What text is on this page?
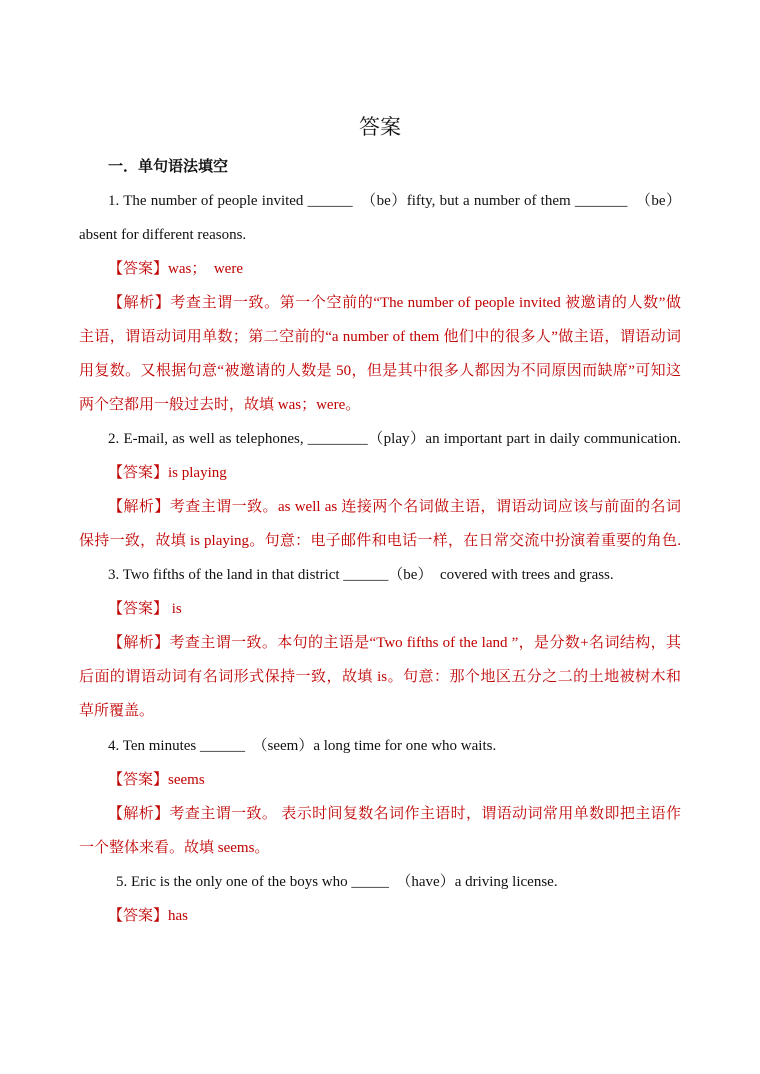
答案
一．单句语法填空
1. The number of people invited ______　（be）fifty, but a number of them _______　（be）
absent for different reasons.
【答案】was；　were
【解析】考查主谓一致。第一个空前的“The number of people invited 被邀请的人数”做
主语，谓语动词用单数；第二空前的“a number of them 他们中的很多人”做主语，谓语动词
用复数。又根据句意“被邀请的人数是 50，但是其中很多人都因为不同原因而缺席”可知这
两个空都用一般过去时，故填 was；were。
2. E-mail, as well as telephones, ________（play）an important part in daily communication.
【答案】is playing
【解析】考查主谓一致。as well as 连接两个名词做主语，谓语动词应该与前面的名词
保持一致，故填 is playing。句意：电子邮件和电话一样，在日常交流中扮演着重要的角色.
3. Two fifths of the land in that district ______（be）　covered with trees and grass.
【答案】 is
【解析】考查主谓一致。本句的主语是“Two fifths of the land ”，是分数+名词结构，其
后面的谓语动词有名词形式保持一致，故填 is。句意：那个地区五分之二的土地被树木和
草所覆盖。
4. Ten minutes ______　（seem）a long time for one who waits.
【答案】seems
【解析】考查主谓一致。 表示时间复数名词作主语时，谓语动词常用单数即把主语作
一个整体来看。故填 seems。
5. Eric is the only one of the boys who _____　（have）a driving license.
【答案】has
